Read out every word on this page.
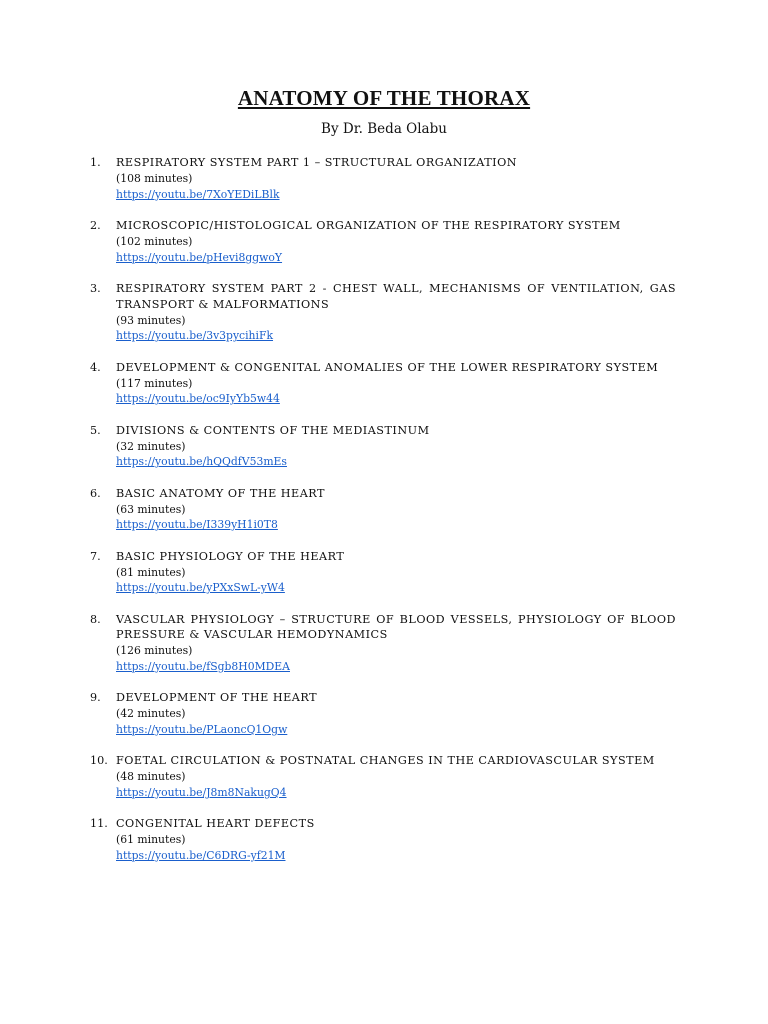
ANATOMY OF THE THORAX
By Dr. Beda Olabu
1. RESPIRATORY SYSTEM PART 1 – STRUCTURAL ORGANIZATION
(108 minutes)
https://youtu.be/7XoYEDiLBlk
2. MICROSCOPIC/HISTOLOGICAL ORGANIZATION OF THE RESPIRATORY SYSTEM
(102 minutes)
https://youtu.be/pHevi8ggwoY
3. RESPIRATORY SYSTEM PART 2 - CHEST WALL, MECHANISMS OF VENTILATION, GAS TRANSPORT & MALFORMATIONS
(93 minutes)
https://youtu.be/3v3pycihiFk
4. DEVELOPMENT & CONGENITAL ANOMALIES OF THE LOWER RESPIRATORY SYSTEM
(117 minutes)
https://youtu.be/oc9IyYb5w44
5. DIVISIONS & CONTENTS OF THE MEDIASTINUM
(32 minutes)
https://youtu.be/hQQdfV53mEs
6. BASIC ANATOMY OF THE HEART
(63 minutes)
https://youtu.be/I339yH1i0T8
7. BASIC PHYSIOLOGY OF THE HEART
(81 minutes)
https://youtu.be/yPXxSwL-yW4
8. VASCULAR PHYSIOLOGY – STRUCTURE OF BLOOD VESSELS, PHYSIOLOGY OF BLOOD PRESSURE & VASCULAR HEMODYNAMICS
(126 minutes)
https://youtu.be/fSgb8H0MDEA
9. DEVELOPMENT OF THE HEART
(42 minutes)
https://youtu.be/PLaoncQ1Ogw
10. FOETAL CIRCULATION & POSTNATAL CHANGES IN THE CARDIOVASCULAR SYSTEM
(48 minutes)
https://youtu.be/J8m8NakugQ4
11. CONGENITAL HEART DEFECTS
(61 minutes)
https://youtu.be/C6DRG-yf21M
